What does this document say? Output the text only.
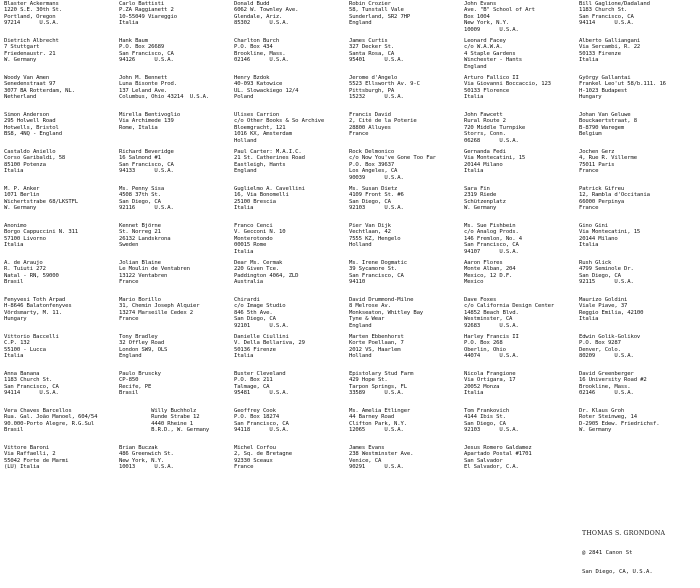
Blaster Ackermans
1220 S.E. 30th St.
Portland, Oregon
97214      U.S.A.
Carlo Battisti
P.ZA Raggianett 2
10-55049 Viareggio
Italia
Donald Budd
6062 W. Townley Ave.
Glendale, Ariz.
85302      U.S.A.
Robin Crozier
58, Tunstall Vale
Sunderland, SR2 7HP
England
John Evans
Ave. "B" School of Art
Box 1004
New York, N.Y.
10009      U.S.A.
Bill Gaglione/Dadaland
1183 Church St.
San Francisco, CA
94114      U.S.A.
Dietrich Albrecht
7 Stuttgart
Friedenaustr. 21
W. Germany
Hank Baum
P.O. Box 26689
San Francisco, CA
94126      U.S.A.
Charlton Burch
P.O. Box 434
Brookline, Mass.
02146      U.S.A.
James Curtis
327 Decker St.
Santa Rosa, CA
95401      U.S.A.
Leonard Facey
c/o W.A.W.A.
4 Staple Gardens
Winchester - Hants
England
Alberto Galliangani
Via Sercambi, R. 22
50133 Firenze
Italia
Woody Van Amen
Senedenstraat 97
3077 BA Rotterdam, NL.
Netherland
John M. Bennett
Luna Bisonte Prod.
137 Leland Ave.
Columbus, Ohio 43214  U.S.A.
Henry Bzdok
40-093 Katowice
UL. Slowackiego 12/4
Poland
Jerome d'Angelo
5523 Ellsworth Av. 9-C
Pittsburgh, PA
15232      U.S.A.
Arturo Fallico II
Via Giovanni Boccaccio, 123
50133 Florence
Italia
György Gallantai
Frankel Leo'ut 58/b.111. 16
H-1023 Budapest
Hungary
Simon Anderson
295 Holwell Road
Hotwells, Bristol
BS8, 4NQ - England
Mirella Bentivoglio
Via Archimede 139
Rome, Italia
Ulises Carrion
c/o Other Books & So Archive
Bloemgracht, 121
1016 KX, Amsterdam
Holland
Francis David
2, Cité de la Poterie
28800 Alluyes
France
John Fawcett
Rural Route 2
720 Middle Turnpike
Storrs, Conn.
06268      U.S.A.
Johan Van Geluwe
Bouckaertstraat, 8
B-8790 Waregem
Belgium
Castaldo Aniello
Corso Garibaldi, 58
85100 Potenza
Italia
Richard Beveridge
16 Salmond #1
San Francisco, CA
94133      U.S.A.
Paul Carter: M.A.I.C.
21 St. Catherines Road
Eastleigh, Hants
England
Rock Delmonico
c/o Now You've Gone Too Far
P.O. Box 39637
Los Angeles, CA
90039      U.S.A.
Gernanda Fedi
Via Montecatini, 15
20144 Milano
Italia
Jochen Gerz
4, Rue R. Villerme
75011 Paris
France
M. P. Anker
1071 Berlin
Wichertstrabe 68/LKSTFL
W. Germany
Ms. Penny Sisa
4508 37th St.
San Diego, CA
92116      U.S.A.
Guglielmo A. Cavellini
16, Via Bonomelli
25100 Brescia
Italia
Ms. Susan Dietz
4109 Front St. #6
San Diego, CA
92103      U.S.A.
Sara Fin
2319 Riede
Schützenplatz
W. Germany
Patrick Gifreu
12, Rambla d'Occitania
66000 Perpinya
France
Anonimo
Borgo Cappuccini N. 311
57100 Livorno
Italia
Kennet Björne
St. Norreg 21
26132 Landskrona
Sweden
Franco Cenci
V. Gecconi N. 10
Monterotondo
00015 Rome
Italia
Pier Van Dijk
Vechtlaan, 42
7555 KZ, Hengelo
Holland
Ms. Sue Fishbein
c/o Analog Prods.
146 Fremlon, No. 4
San Francisco, CA
94107      U.S.A.
Gino Gini
Via Montecatini, 15
20144 Milano
Italia
A. de Araujo
R. Tuiuti 272
Natal - RN, 59000
Brasil
Jolian Blaine
Le Moulin de Ventabren
13122 Ventabren
France
Dear Ms. Cermak
220 Given Tce.
Paddington 4064, ZLD
Australia
Ms. Irene Dogmatic
39 Sycamore St.
San Francisco, CA
94110
Aaron Flores
Monte Alban, 204
Mexico, 12 D.F.
Mexico
Rush Glick
4799 Seminole Dr.
San Diego, CA
92115      U.S.A.
Fenyvesi Toth Arpad
H-8646 Balatonfenyves
Vördsmarty, M. 11.
Hungary
Mario Borillo
31, Chemin Joseph Alquier
13274 Marseille Cedex 2
France
Chirardi
c/o Image Studio
846 5th Ave.
San Diego, CA
92101      U.S.A.
David Drummond-Milne
8 Melrose Av.
Monkseaton, Whitley Bay
Tyne & Wear
England
Dave Foxes
c/o California Design Center
14852 Beach Blvd.
Westminster, CA
92683      U.S.A.
Maurizo Goldini
Viale Piave, 37
Reggio Emilia, 42100
Italia
Vittorio Baccelli
C.P. 132
55100 - Lucca
Italia
Tony Bradley
32 Offley Road
London SW9, OLS
England
Danielle Ciullini
V. Della Bellariva, 29
50136 Firenze
Italia
Marten Ebbenhorst
Korte Poellaan, 7
2012 VS, Haarlem
Holland
Harley Francis II
P.O. Box 268
Oberlin, Ohio
44074      U.S.A.
Edwin Golik-Golikov
P.O. Box 9287
Denver, Colo.
80209      U.S.A.
Anna Banana
1183 Church St.
San Francisco, CA
94114      U.S.A.
Paulo Bruscky
CP-850
Recife, PE
Brasil
Buster Cleveland
P.O. Box 211
Talmage, CA
95481      U.S.A.
Epistolary Stud Farm
429 Hope St.
Tarpon Springs, FL
33589      U.S.A.
Nicola Frangione
Via Ortigara, 17
20052 Monza
Italia
David Greenberger
16 University Road #2
Brookline, Mass.
02146      U.S.A.
Vera Chaves Barcellos
Rua. Gal. João Manoel, 604/54
90.000-Porto Alegre, R.G.Sul
Brasil
Willy Buchholz
Runde Strabe 12
4440 Rheine 1
B.R.D., W. Germany
Geoffrey Cook
P.O. Box 18274
San Francisco, CA
94118      U.S.A.
Ms. Amelia Etlinger
44 Barney Road
Clifton Park, N.Y.
12065      U.S.A.
Tom Frankovich
4144 Ibis St.
San Diego, CA
92103      U.S.A.
Dr. Klaus Groh
Roter Steinweg, 14
D-2905 Edew. Friedrichsf.
W. Germany
Vittore Baroni
Via Raffaelli, 2
55042 Forte de Marmi
(LU) Italia
Brian Buczak
486 Greenwich St.
New York, N.Y.
10013      U.S.A.
Michel Corfou
2, Sq. de Bretagne
92330 Sceaux
France
James Evans
238 Westminster Ave.
Venice, CA
90291      U.S.A.
Jesus Romero Galdamez
Apartado Postal #1701
San Salvador
El Salvador, C.A.

THOMAS S. GRONDONA

@ 2841 Canon St

San Diego, CA, U.S.A.
